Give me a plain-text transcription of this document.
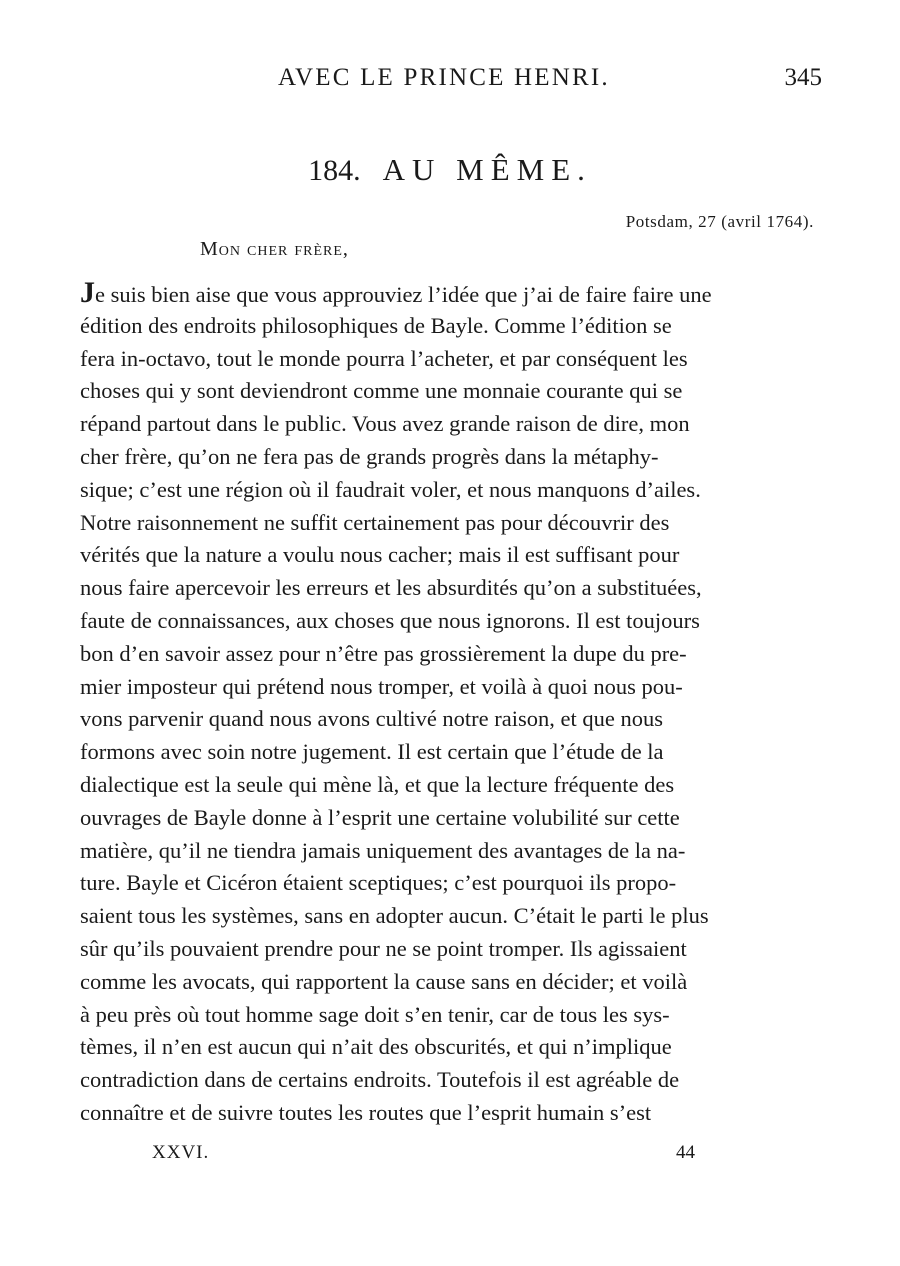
AVEC LE PRINCE HENRI.	345
184. AU MÊME.
Potsdam, 27 (avril 1764).
Mon cher frère,
Je suis bien aise que vous approuviez l’idée que j’ai de faire faire une
édition des endroits philosophiques de Bayle. Comme l’édition se
fera in-octavo, tout le monde pourra l’acheter, et par conséquent les
choses qui y sont deviendront comme une monnaie courante qui se
répand partout dans le public. Vous avez grande raison de dire, mon
cher frère, qu’on ne fera pas de grands progrès dans la métaphy-
sique; c’est une région où il faudrait voler, et nous manquons d’ailes.
Notre raisonnement ne suffit certainement pas pour découvrir des
vérités que la nature a voulu nous cacher; mais il est suffisant pour
nous faire apercevoir les erreurs et les absurdités qu’on a substituées,
faute de connaissances, aux choses que nous ignorons. Il est toujours
bon d’en savoir assez pour n’être pas grossièrement la dupe du pre-
mier imposteur qui prétend nous tromper, et voilà à quoi nous pou-
vons parvenir quand nous avons cultivé notre raison, et que nous
formons avec soin notre jugement. Il est certain que l’étude de la
dialectique est la seule qui mène là, et que la lecture fréquente des
ouvrages de Bayle donne à l’esprit une certaine volubilité sur cette
matière, qu’il ne tiendra jamais uniquement des avantages de la na-
ture. Bayle et Cicéron étaient sceptiques; c’est pourquoi ils propo-
saient tous les systèmes, sans en adopter aucun. C’était le parti le plus
sûr qu’ils pouvaient prendre pour ne se point tromper. Ils agissaient
comme les avocats, qui rapportent la cause sans en décider; et voilà
à peu près où tout homme sage doit s’en tenir, car de tous les sys-
tèmes, il n’en est aucun qui n’ait des obscurités, et qui n’implique
contradiction dans de certains endroits. Toutefois il est agréable de
connaître et de suivre toutes les routes que l’esprit humain s’est
XXVI.	44
